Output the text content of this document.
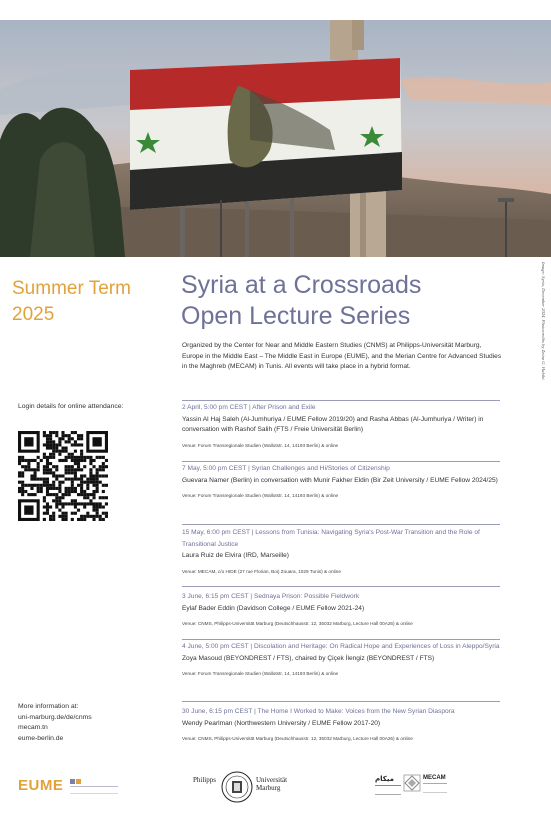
Image: Syria, December 2024. Photocredits by Zeina G. Habibi.
Summer Term
2025
Syria at a Crossroads
Open Lecture Series
Organized by the Center for Near and Middle Eastern Studies (CNMS) at Philipps-Universität Marburg, Europe in the Middle East – The Middle East in Europe (EUME), and the Merian Centre for Advanced Studies in the Maghreb (MECAM) in Tunis. All events will take place in a hybrid format.
Login details for online attendance:	2 April, 5:00 pm CEST | After Prison and Exile
Yassin Al Haj Saleh (Al-Jumhuriya / EUME Fellow 2019/20) and Rasha Abbas (Al-Jumhuriya / Writer) in conversation with Rashof Salih (FTS / Freie Universität Berlin)
Venue: Forum Transregionale Studien (Wallotstr. 14, 14193 Berlin) & online
7 May, 5:00 pm CEST | Syrian Challenges and Hi/Stories of Citizenship
Guevara Namer (Berlin) in conversation with Munir Fakher Eldin (Bir Zeit University / EUME Fellow 2024/25)
Venue: Forum Transregionale Studien (Wallotstr. 14, 14193 Berlin) & online
15 May, 6:00 pm CEST | Lessons from Tunisia: Navigating Syria's Post-War Transition and the Role of Transitional Justice
Laura Ruiz de Elvira (IRD, Marseille)
Venue: MECAM, c/o HIDE (27 rue Florian, Borj Zouara, 1029 Tunis) & online
3 June, 6:15 pm CEST | Sednaya Prison: Possible Fieldwork
Eylaf Bader Eddin (Davidson College / EUME Fellow 2021-24)
Venue: CNMS, Philipps-Universität Marburg (Deutschhausstr. 12, 35032 Marburg, Lecture Hall 00A26) & online
4 June, 5:00 pm CEST | Discolation and Heritage: On Radical Hope and Experiences of Loss in Aleppo/Syria
Zoya Masoud (BEYONDREST / FTS), chaired by Çiçek İlengiz (BEYONDREST / FTS)
Venue: Forum Transregionale Studien (Wallotstr. 14, 14193 Berlin) & online
30 June, 6:15 pm CEST | The Home I Worked to Make: Voices from the New Syrian Diaspora
Wendy Pearlman (Northwestern University / EUME Fellow 2017-20)
Venue: CNMS, Philipps-Universität Marburg (Deutschhausstr. 12, 35032 Marburg, Lecture Hall 00A26) & online
More information at:
uni-marburg.de/de/cnms
mecam.tn
eume-berlin.de
EUME	Philipps	Universität
Marburg
ميكام	MECAM
